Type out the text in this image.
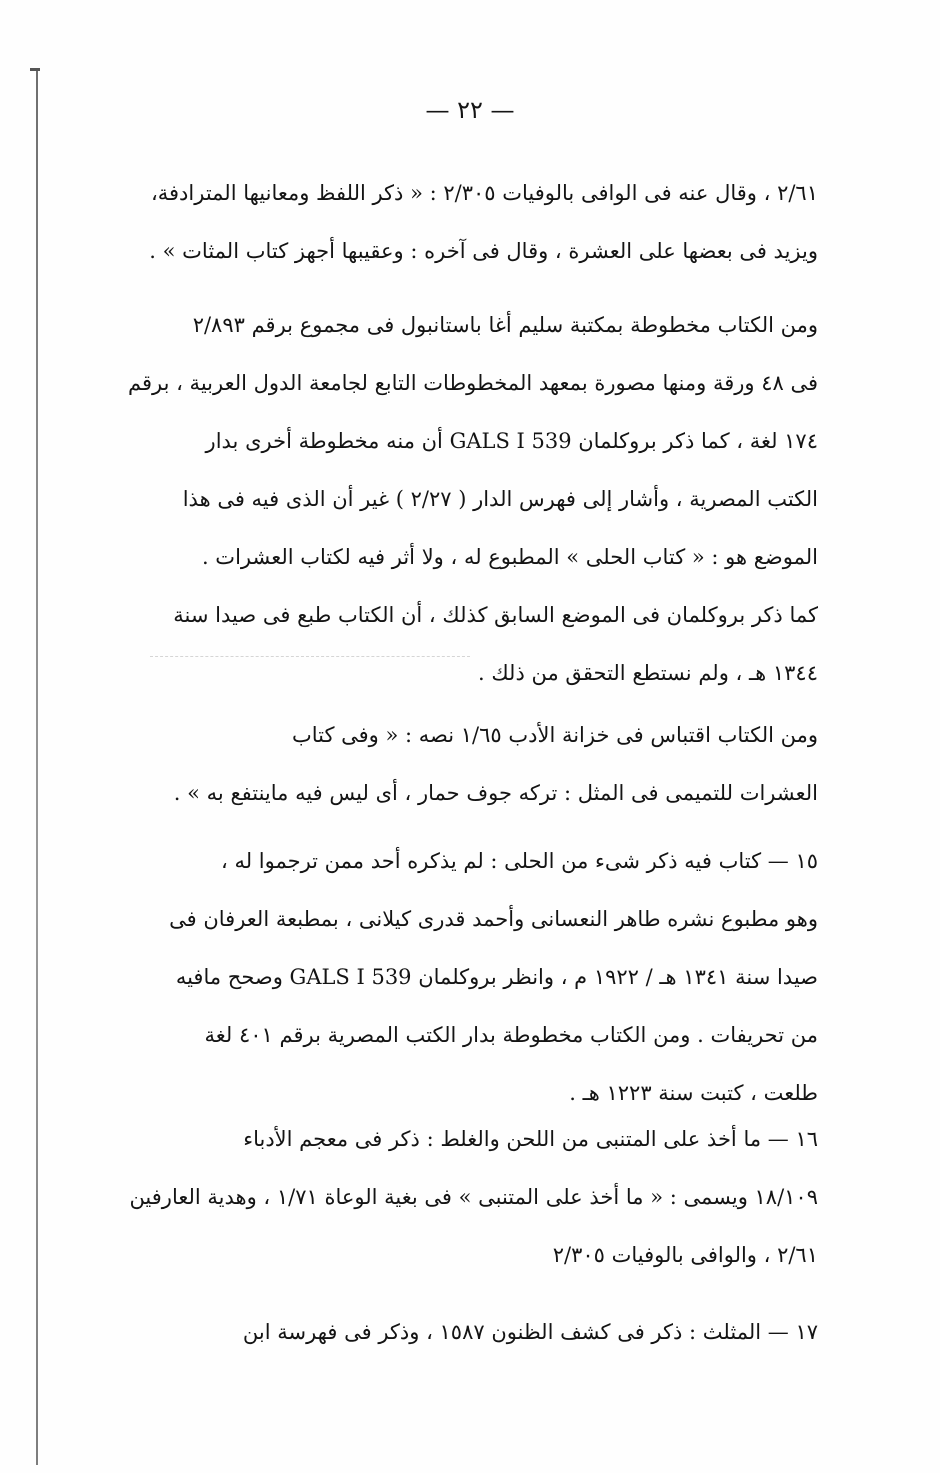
— ٢٢ —
٢/٦١ ، وقال عنه فى الوافى بالوفيات ٢/٣٠٥ : « ذكر اللفظ ومعانيها المترادفة،
ويزيد فى بعضها على العشرة ، وقال فى آخره : وعقيبها أجهز كتاب المثات » .
ومن الكتاب مخطوطة بمكتبة سليم أغا باستانبول فى مجموع برقم ٢/٨٩٣
فى ٤٨ ورقة ومنها مصورة بمعهد المخطوطات التابع لجامعة الدول العربية ، برقم
١٧٤ لغة ، كما ذكر بروكلمان GALS I 539 أن منه مخطوطة أخرى بدار
الكتب المصرية ، وأشار إلى فهرس الدار ( ٢/٢٧ ) غير أن الذى فيه فى هذا
الموضع هو : « كتاب الحلى » المطبوع له ، ولا أثر فيه لكتاب العشرات .
كما ذكر بروكلمان فى الموضع السابق كذلك ، أن الكتاب طبع فى صيدا سنة
١٣٤٤ هـ ، ولم نستطع التحقق من ذلك .
ومن الكتاب اقتباس فى خزانة الأدب ١/٦٥ نصه : « وفى كتاب
العشرات للتميمى فى المثل : تركه جوف حمار ، أى ليس فيه ماينتفع به » .
١٥ — كتاب فيه ذكر شىء من الحلى : لم يذكره أحد ممن ترجموا له ،
وهو مطبوع نشره طاهر النعسانى وأحمد قدرى كيلانى ، بمطبعة العرفان فى
صيدا سنة ١٣٤١ هـ / ١٩٢٢ م ، وانظر بروكلمان GALS I 539 وصحح مافيه
من تحريفات . ومن الكتاب مخطوطة بدار الكتب المصرية برقم ٤٠١ لغة
طلعت ، كتبت سنة ١٢٢٣ هـ .
١٦ — ما أخذ على المتنبى من اللحن والغلط : ذكر فى معجم الأدباء
١٨/١٠٩ ويسمى : « ما أخذ على المتنبى » فى بغية الوعاة ١/٧١ ، وهدية العارفين
٢/٦١ ، والوافى بالوفيات ٢/٣٠٥
١٧ — المثلث : ذكر فى كشف الظنون ١٥٨٧ ، وذكر فى فهرسة ابن
